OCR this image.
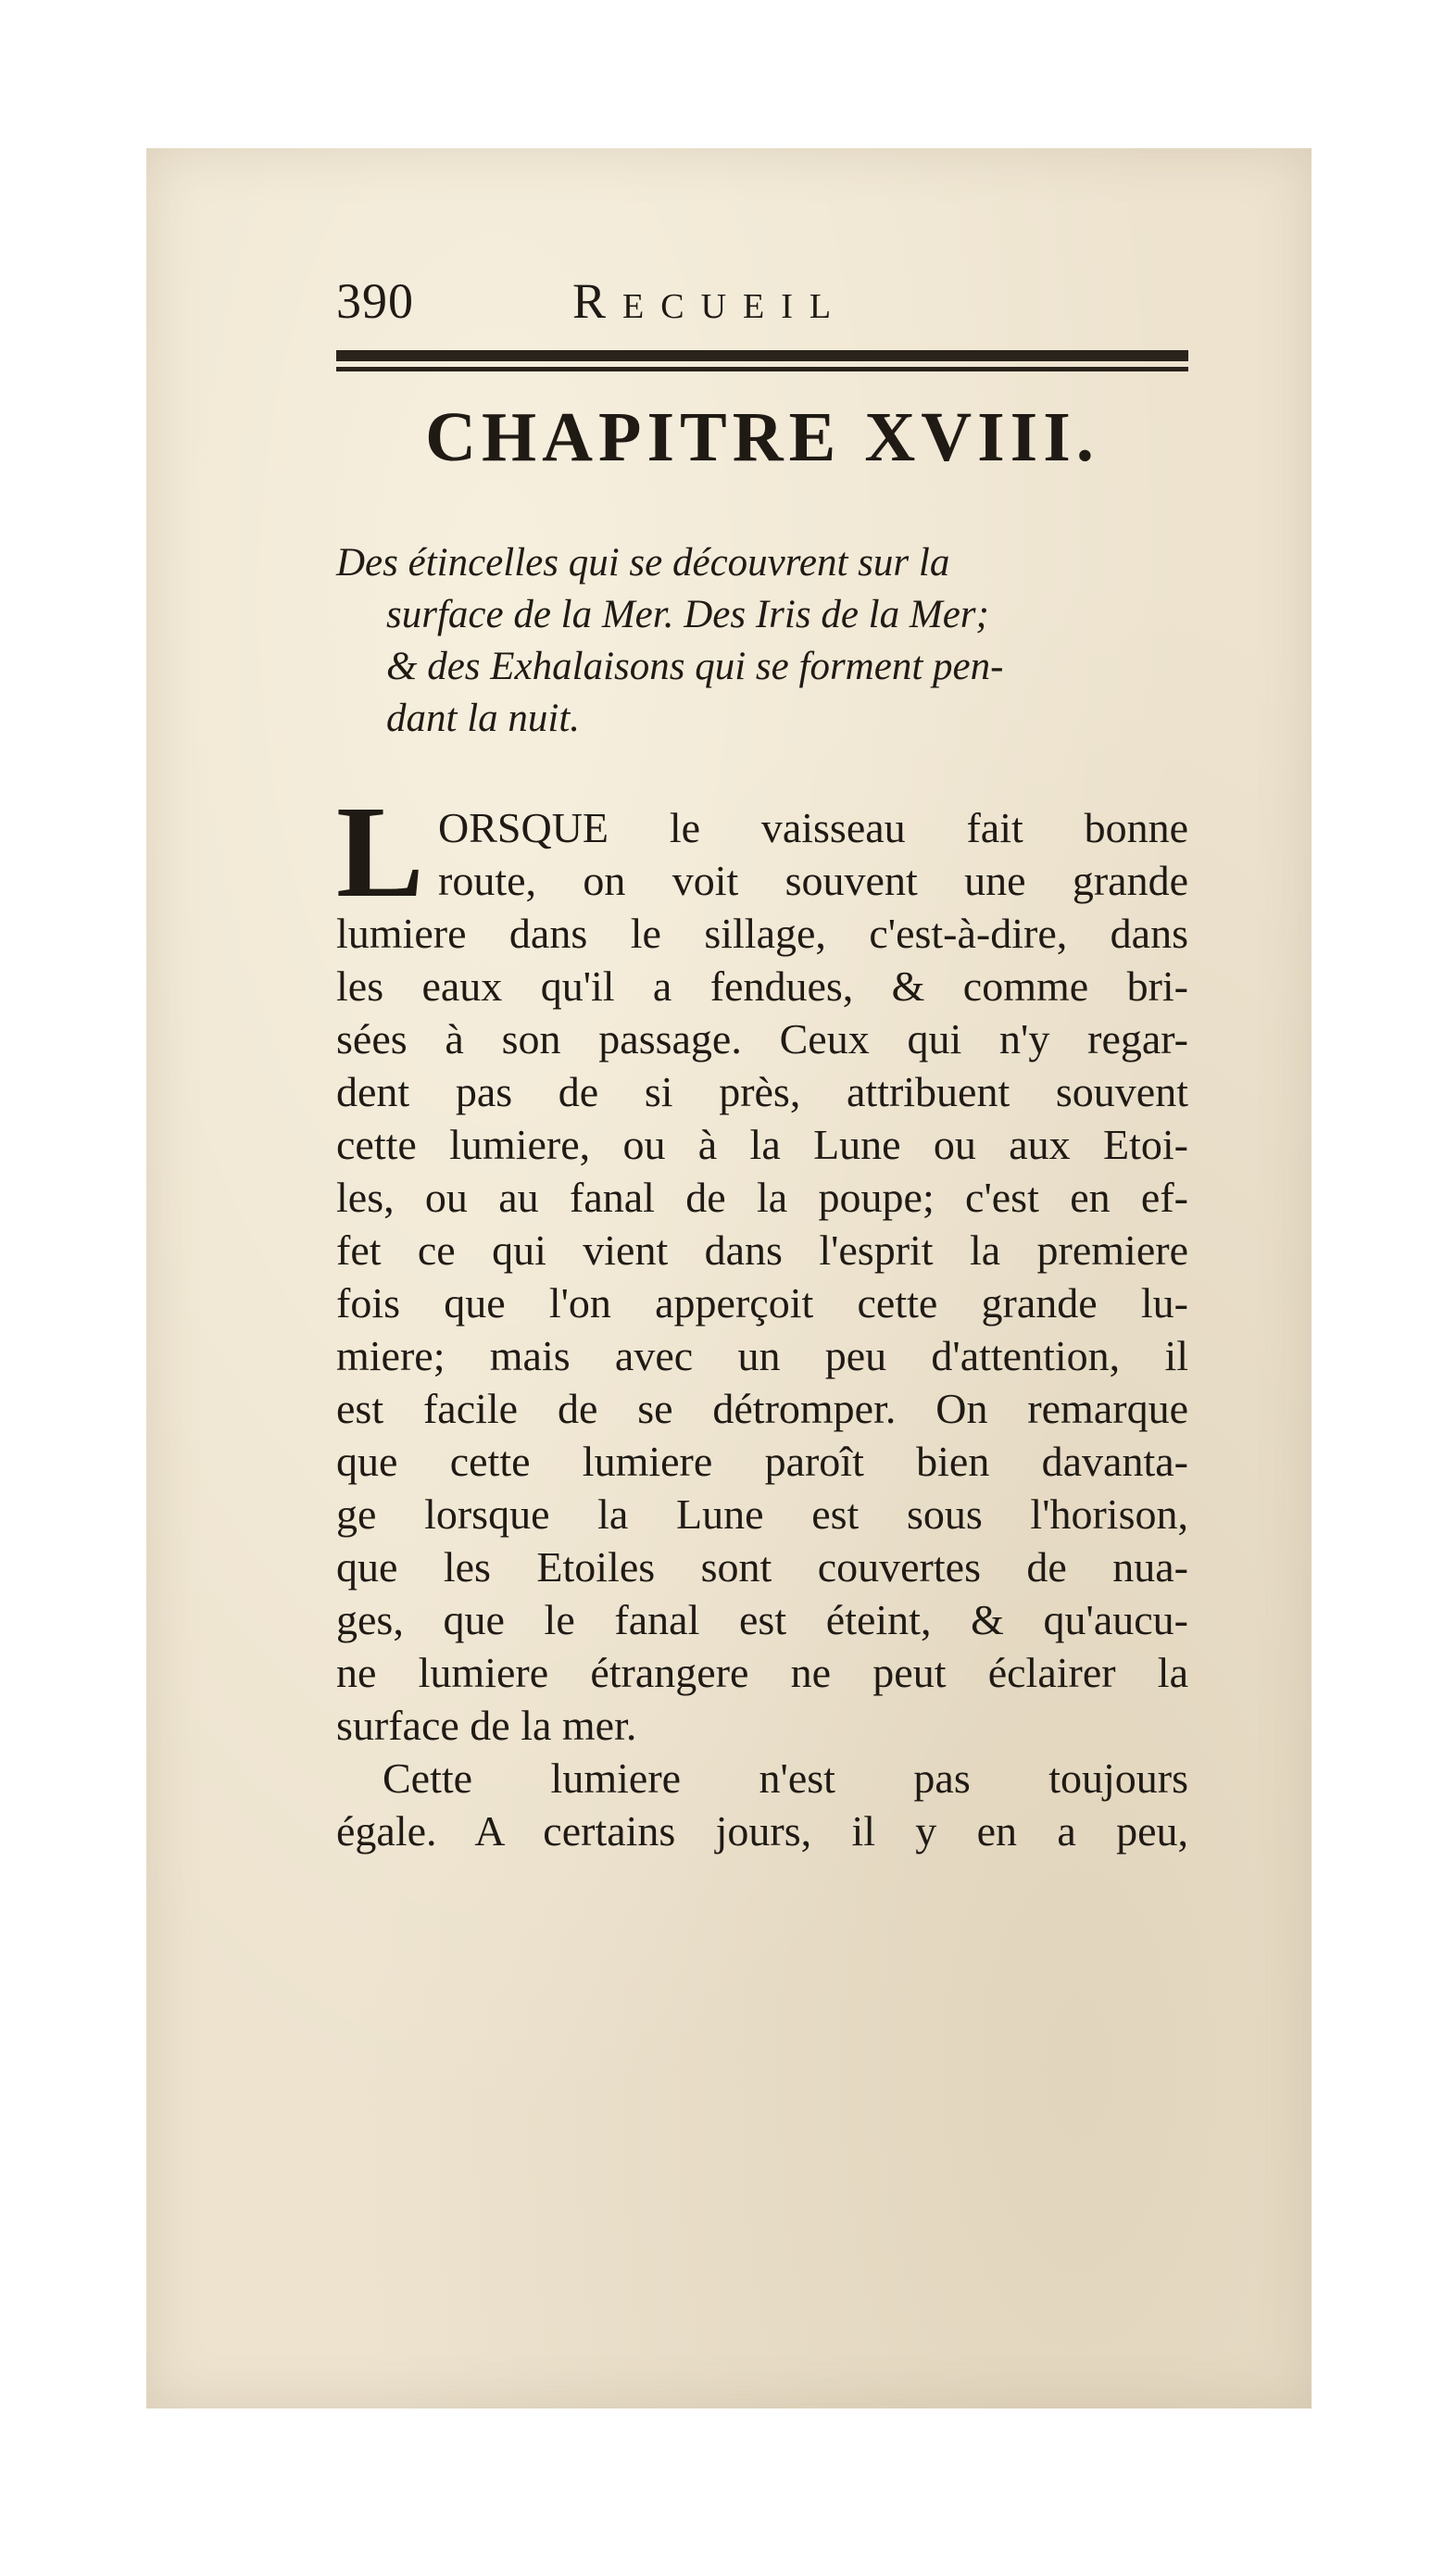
390	Recueil
CHAPITRE XVIII.
Des étincelles qui se découvrent sur la
surface de la Mer. Des Iris de la Mer;
& des Exhalaisons qui se forment pen-
dant la nuit.
L ORSQUE le vaisseau fait bonne
route, on voit souvent une grande
lumiere dans le sillage, c'est-à-dire, dans
les eaux qu'il a fendues, & comme bri-
sées à son passage. Ceux qui n'y regar-
dent pas de si près, attribuent souvent
cette lumiere, ou à la Lune ou aux Etoi-
les, ou au fanal de la poupe; c'est en ef-
fet ce qui vient dans l'esprit la premiere
fois que l'on apperçoit cette grande lu-
miere; mais avec un peu d'attention, il
est facile de se détromper. On remarque
que cette lumiere paroît bien davanta-
ge lorsque la Lune est sous l'horison,
que les Etoiles sont couvertes de nua-
ges, que le fanal est éteint, & qu'aucu-
ne lumiere étrangere ne peut éclairer la
surface de la mer.
Cette lumiere n'est pas toujours
égale. A certains jours, il y en a peu,
